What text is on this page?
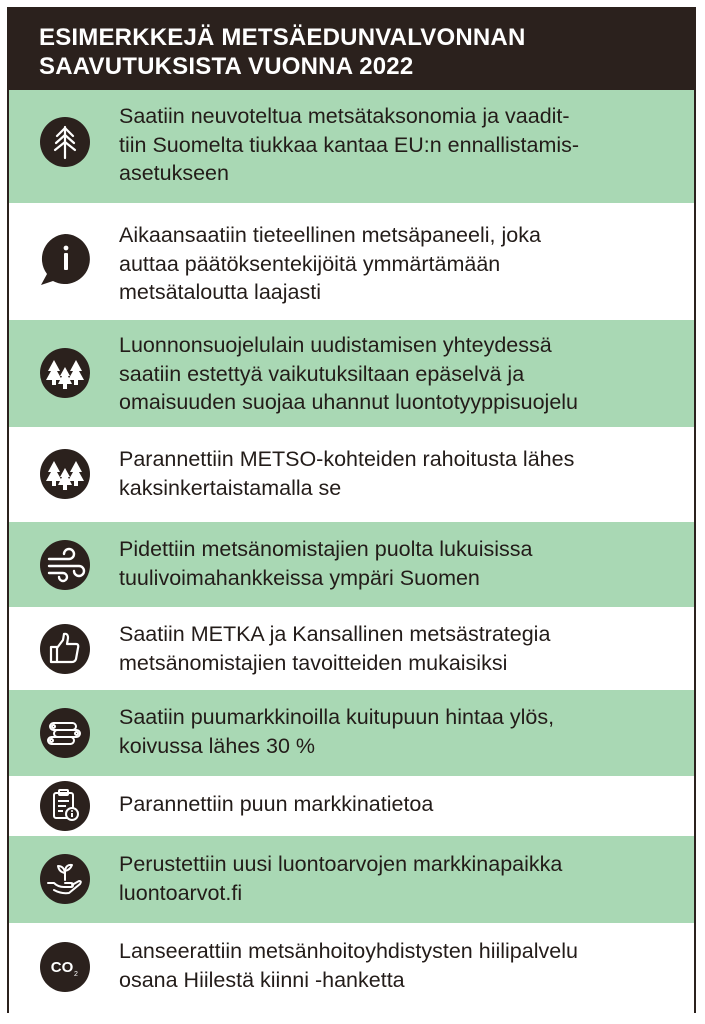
ESIMERKKEJÄ METSÄEDUNVALVONNAN
SAAVUTUKSISTA VUONNA 2022
Saatiin neuvoteltua metsätaksonomia ja vaadit-
tiin Suomelta tiukkaa kantaa EU:n ennallistamis-
asetukseen
Aikaansaatiin tieteellinen metsäpaneeli, joka
auttaa päätöksentekijöitä ymmärtämään
metsätaloutta laajasti
Luonnonsuojelulain uudistamisen yhteydessä
saatiin estettyä vaikutuksiltaan epäselvä ja
omaisuuden suojaa uhannut luontotyyppisuojelu
Parannettiin METSO-kohteiden rahoitusta lähes
kaksinkertaistamalla se
Pidettiin metsänomistajien puolta lukuisissa
tuulivoimahankkeissa ympäri Suomen
Saatiin METKA ja Kansallinen metsästrategia
metsänomistajien tavoitteiden mukaisiksi
Saatiin puumarkkinoilla kuitupuun hintaa ylös,
koivussa lähes 30 %
Parannettiin puun markkinatietoa
Perustettiin uusi luontoarvojen markkinapaikka
luontoarvot.fi
CO 2
Lanseerattiin metsänhoitoyhdistysten hiilipalvelu
osana Hiilestä kiinni -hanketta
